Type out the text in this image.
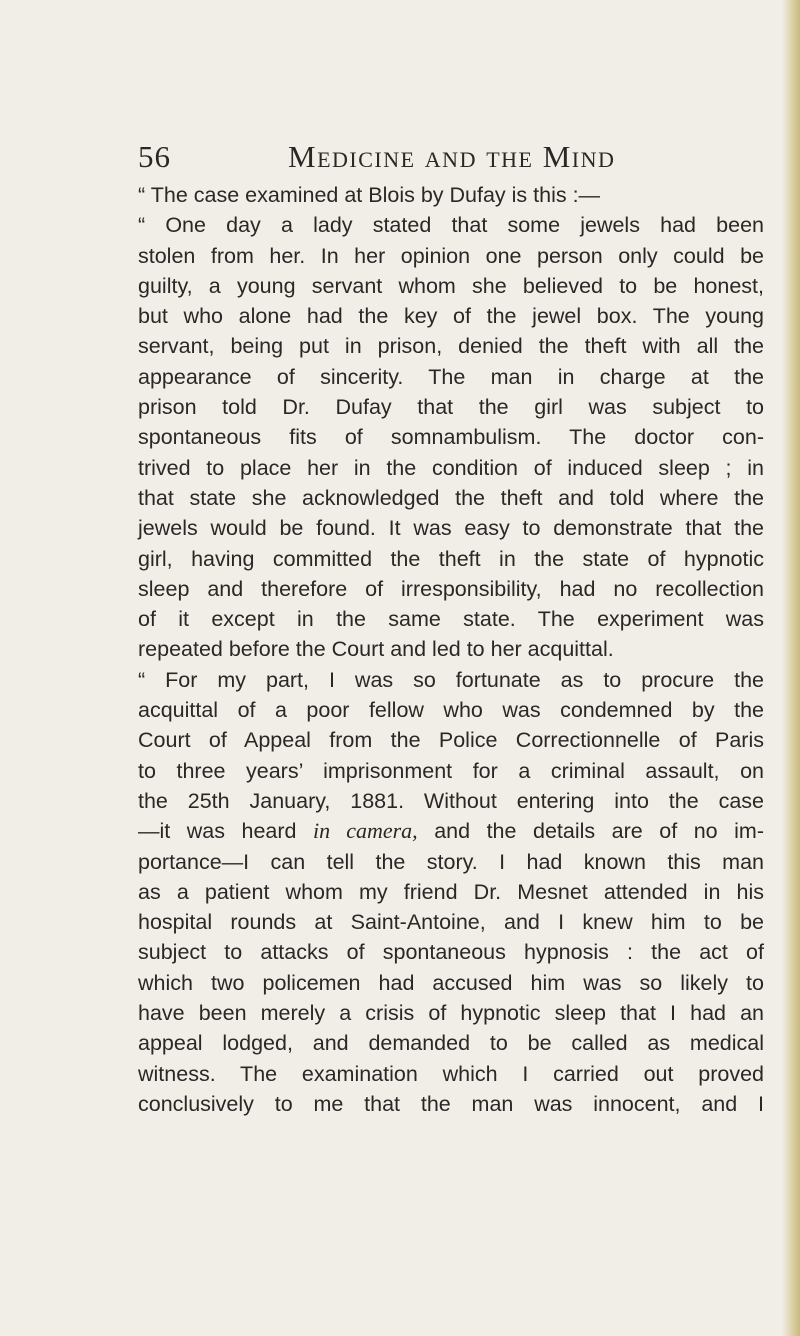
56	Medicine and the Mind
“ The case examined at Blois by Dufay is this :—
“ One day a lady stated that some jewels had been
stolen from her. In her opinion one person only could be
guilty, a young servant whom she believed to be honest,
but who alone had the key of the jewel box. The young
servant, being put in prison, denied the theft with all the
appearance of sincerity. The man in charge at the
prison told Dr. Dufay that the girl was subject to
spontaneous fits of somnambulism. The doctor con-
trived to place her in the condition of induced sleep ; in
that state she acknowledged the theft and told where the
jewels would be found. It was easy to demonstrate that the
girl, having committed the theft in the state of hypnotic
sleep and therefore of irresponsibility, had no recollection
of it except in the same state. The experiment was
repeated before the Court and led to her acquittal.
“ For my part, I was so fortunate as to procure the
acquittal of a poor fellow who was condemned by the
Court of Appeal from the Police Correctionnelle of Paris
to three years’ imprisonment for a criminal assault, on
the 25th January, 1881. Without entering into the case
—it was heard in camera, and the details are of no im-
portance—I can tell the story. I had known this man
as a patient whom my friend Dr. Mesnet attended in his
hospital rounds at Saint-Antoine, and I knew him to be
subject to attacks of spontaneous hypnosis : the act of
which two policemen had accused him was so likely to
have been merely a crisis of hypnotic sleep that I had an
appeal lodged, and demanded to be called as medical
witness. The examination which I carried out proved
conclusively to me that the man was innocent, and I
